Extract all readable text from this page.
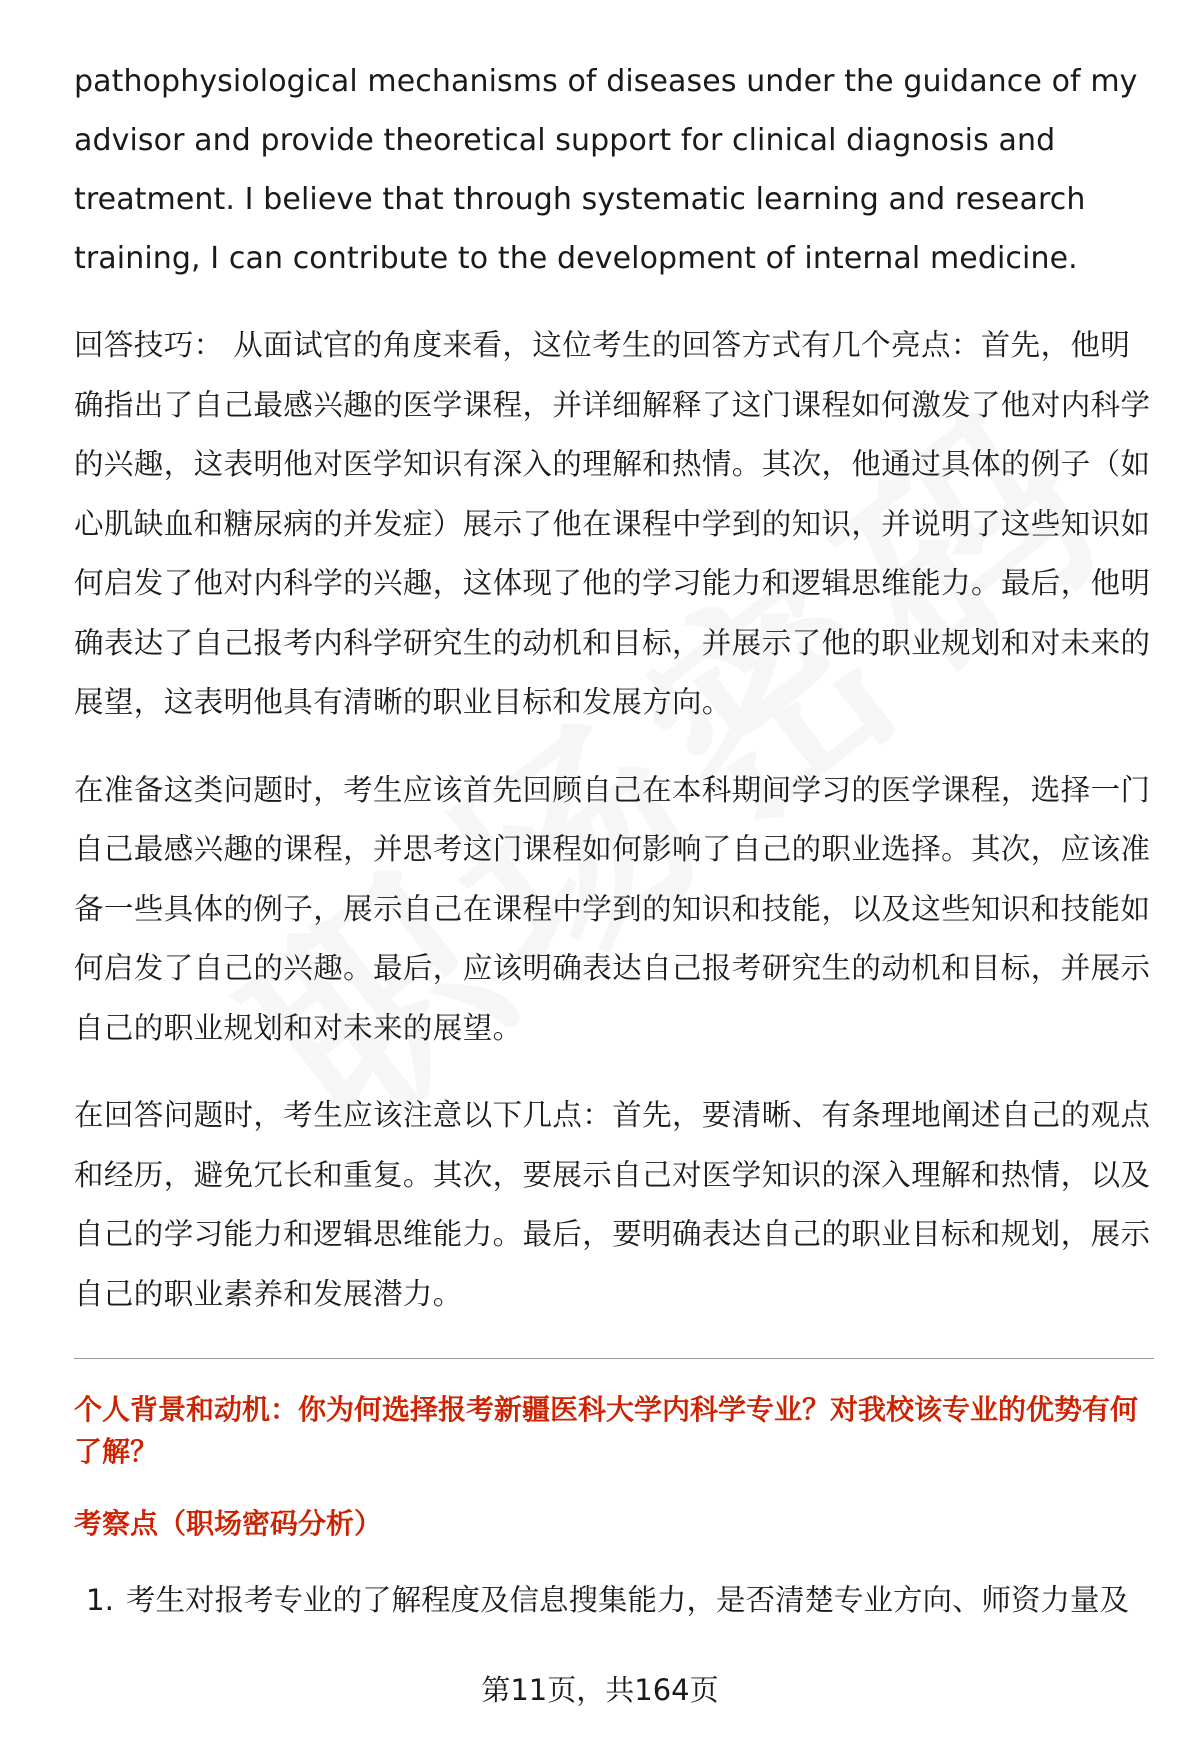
pathophysiological mechanisms of diseases under the guidance of my advisor and provide theoretical support for clinical diagnosis and treatment. I believe that through systematic learning and research training, I can contribute to the development of internal medicine.

回答技巧： 从面试官的角度来看，这位考生的回答方式有几个亮点：首先，他明确指出了自己最感兴趣的医学课程，并详细解释了这门课程如何激发了他对内科学的兴趣，这表明他对医学知识有深入的理解和热情。其次，他通过具体的例子（如心肌缺血和糖尿病的并发症）展示了他在课程中学到的知识，并说明了这些知识如何启发了他对内科学的兴趣，这体现了他的学习能力和逻辑思维能力。最后，他明确表达了自己报考内科学研究生的动机和目标，并展示了他的职业规划和对未来的展望，这表明他具有清晰的职业目标和发展方向。

在准备这类问题时，考生应该首先回顾自己在本科期间学习的医学课程，选择一门自己最感兴趣的课程，并思考这门课程如何影响了自己的职业选择。其次，应该准备一些具体的例子，展示自己在课程中学到的知识和技能，以及这些知识和技能如何启发了自己的兴趣。最后，应该明确表达自己报考研究生的动机和目标，并展示自己的职业规划和对未来的展望。

在回答问题时，考生应该注意以下几点：首先，要清晰、有条理地阐述自己的观点和经历，避免冗长和重复。其次，要展示自己对医学知识的深入理解和热情，以及自己的学习能力和逻辑思维能力。最后，要明确表达自己的职业目标和规划，展示自己的职业素养和发展潜力。

个人背景和动机：你为何选择报考新疆医科大学内科学专业？对我校该专业的优势有何了解？
考察点（职场密码分析）
1. 考生对报考专业的了解程度及信息搜集能力，是否清楚专业方向、师资力量及
第11页，共164页
